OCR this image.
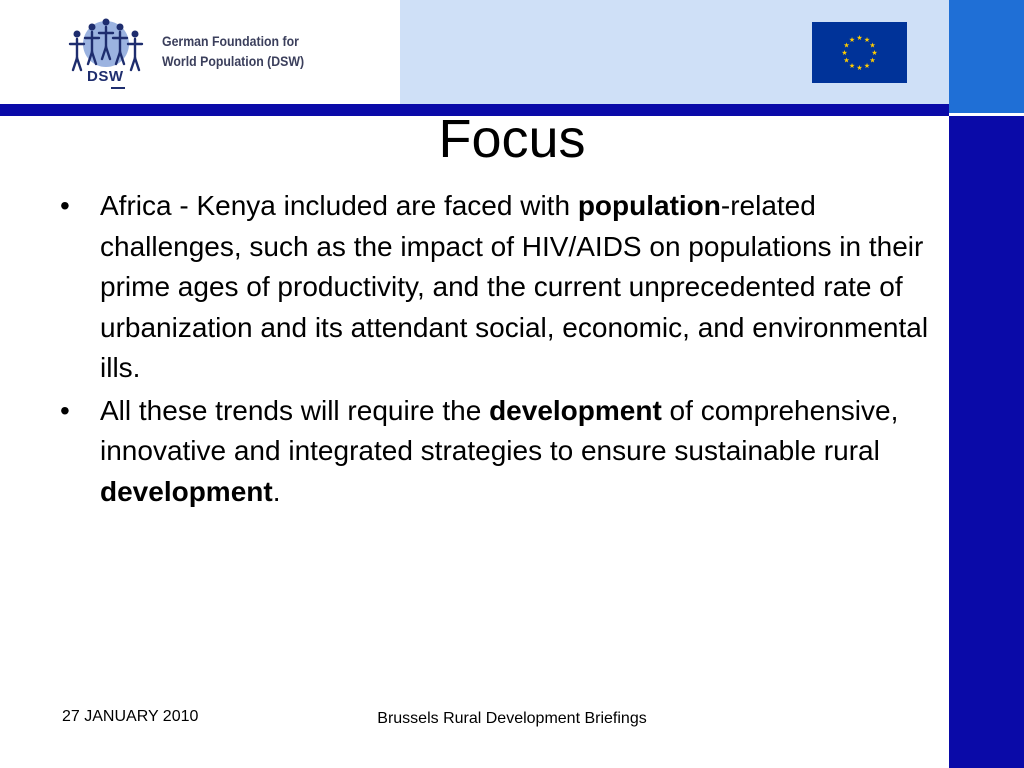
DSW
German Foundation for
World Population (DSW)
★ ★
★
★
★
★
★
★
★
★
★
★
Focus
• Africa - Kenya included are faced with population-related challenges, such as the impact of HIV/AIDS on populations in their prime ages of productivity, and the current unprecedented rate of urbanization and its attendant social, economic, and environmental ills.
• All these trends will require the development of comprehensive, innovative and integrated strategies to ensure sustainable rural development.
27 JANUARY 2010	Brussels Rural Development Briefings
